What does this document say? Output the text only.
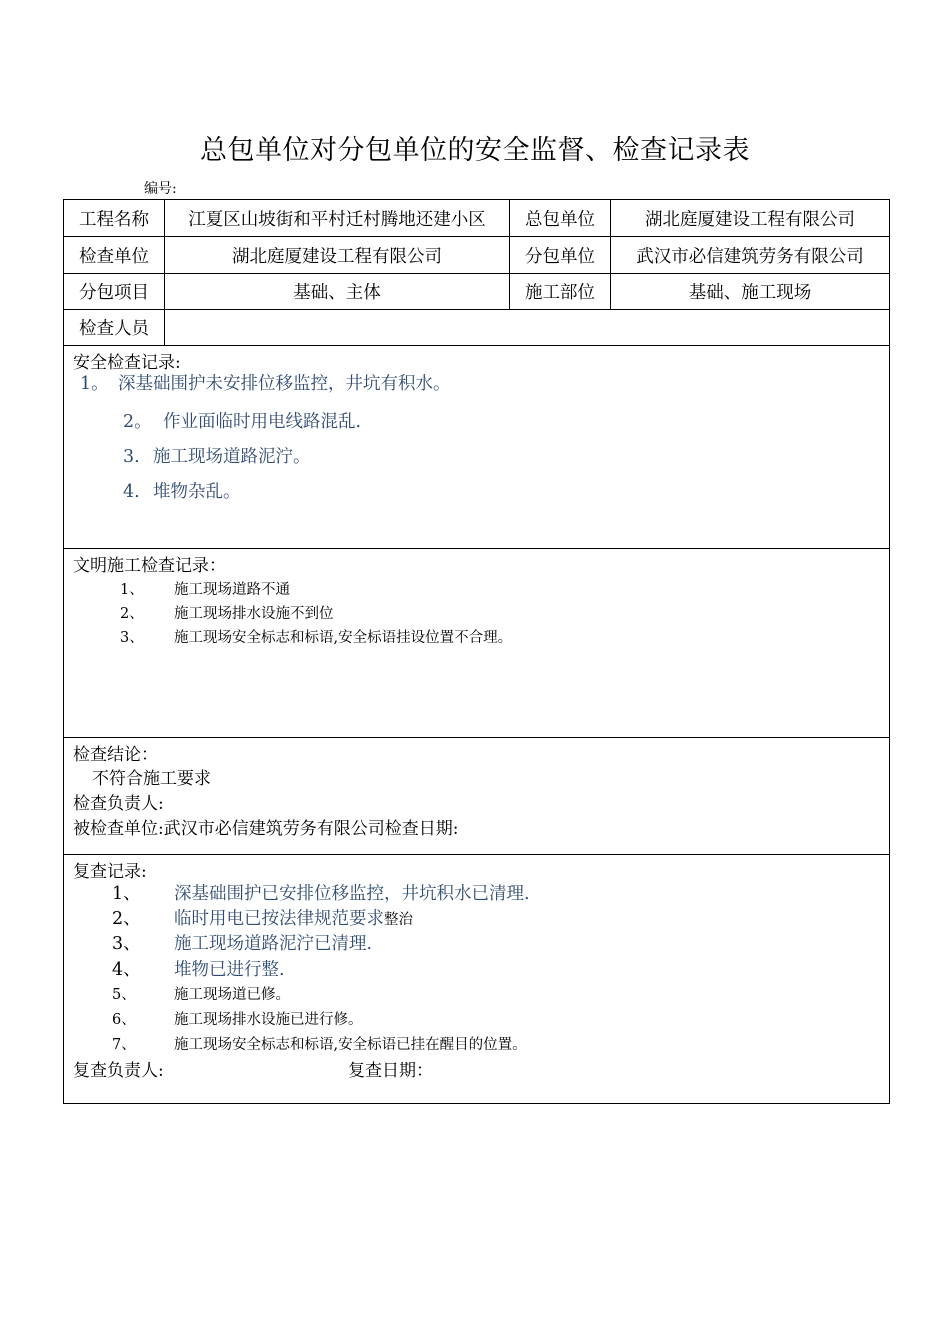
总包单位对分包单位的安全监督、检查记录表
编号:
工程名称	江夏区山坡街和平村迁村腾地还建小区	总包单位	湖北庭厦建设工程有限公司
检查单位	湖北庭厦建设工程有限公司	分包单位	武汉市必信建筑劳务有限公司
分包项目	基础、主体	施工部位	基础、施工现场
检查人员
安全检查记录:
1。 深基础围护未安排位移监控，井坑有积水。
2。 作业面临时用电线路混乱.
3. 施工现场道路泥泞。
4. 堆物杂乱。
文明施工检查记录：
1、 施工现场道路不通
2、 施工现场排水设施不到位
3、 施工现场安全标志和标语,安全标语挂设位置不合理。
检查结论：
不符合施工要求
检查负责人:
被检查单位:武汉市必信建筑劳务有限公司检查日期:
复查记录:
1、 深基础围护已安排位移监控，井坑积水已清理.
2、 临时用电已按法律规范要求整治
3、 施工现场道路泥泞已清理.
4、 堆物已进行整.
5、	施工现场道已修。
6、	施工现场排水设施已进行修。
7、	施工现场安全标志和标语,安全标语已挂在醒目的位置。
复查负责人:	复查日期：
